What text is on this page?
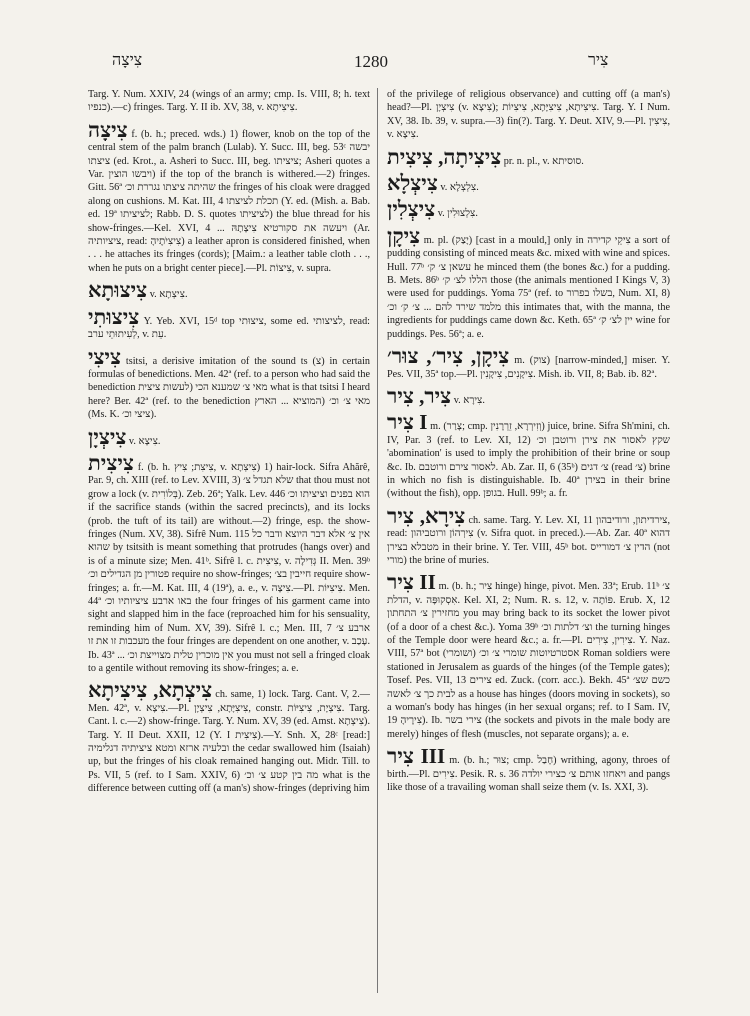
צִיצָה	1280	צִיר
Targ. Y. Num. XXIV, 24 (wings of an army; cmp. Is. VIII, 8; h. text כנפיו).—c) fringes. Targ. Y. II ib. XV, 38, v. צִיצִיתָא.
צִיצָה f. (b. h.; preced. wds.) 1) flower, knob on the top of the central stem of the palm branch (Lulab). Y. Succ. III, beg. 53ᶜ יבשה ציצתו (ed. Krot., a. Asheri to Succ. III, beg. ציציתו; Asheri quotes a Var. ויבשו הוצין) if the top of the branch is withered.—2) fringes. Gitt. 56ª שהיתה ציצתו נגררת וכ׳ the fringes of his cloak were dragged along on cushions. M. Kat. III, 4 תכלת לציצתו (Y. ed. (Mish. a. Bab. ed. 19ª לציציתו; Rabb. D. S. quotes לציציתו) the blue thread for his show-fringes.—Kel. XVI, 4 ... ויעשה את סקורטיא צִיצָתָהּ (Ar. ציציותיה, read: צִיצִיֹתֶיהָ) a leather apron is considered finished, when . . . he attaches its fringes (cords); [Maim.: a leather table cloth . . ., when he puts on a bright center piece].—Pl. צִיצוֹת, v. supra.
צִיצוּתָא v. צִיצְתָא.
צִיצוּתִי Y. Yeb. XVI, 15ᵈ top ציצוּתי, some ed. לציצותי, read: לְעִיתוּתֵי ערב, v. עֵת.
צִיצִי tsitsi, a derisive imitation of the sound ts (צ) in certain formulas of benedictions. Men. 42ª (ref. to a person who had said the benediction לעשות ציצית) מאי צ׳ שמענא הכי what is that tsitsi I heard here? Ber. 42ª (ref. to the benediction המוציא ... הארץ) מאי צ׳ וכ׳ (Ms. K. ציצי וכ׳).
צִיצְיָן v. צִיצָא.
צִיצִית f. (b. h. צִיצִת; צִיץ, v. צִיצְתָא) 1) hair-lock. Sifra Ahărê, Par. 9, ch. XIII (ref. to Lev. XVIII, 3) שלא תגדל צ׳ that thou must not grow a lock (v. בְּלוֹרִית). Zeb. 26ª; Yalk. Lev. 446 הוא בפנים וציציתו וכ׳ if the sacrifice stands (within the sacred precincts), and its locks (prob. the tuft of its tail) are without.—2) fringe, esp. the show-fringes (Num. XV, 38). Sifrê Num. 115 אין צ׳ אלא דבר היוצא ודבר כל שהוא by tsitsith is meant something that protrudes (hangs over) and is of a minute size; Men. 41ᵇ. Sifrê l. c. צִיצִית, v. גְּדִילָה II. Men. 39ᵇ פטורין מן הגדילים וכ׳ require no show-fringes; חייבין בצ׳ require show-fringes; a. fr.—M. Kat. III, 4 (19ª), a. e., v. צִיצָה.—Pl. צִיצִיּוֹת. Men. 44ª באו ארבע ציציותיו וכ׳ the four fringes of his garment came into sight and slapped him in the face (reproached him for his sensuality, reminding him of Num. XV, 39). Sifrê l. c.; Men. III, 7 ארבע צ׳ מעכבות זו את זו the four fringes are dependent on one another, v. עָכַב. Ib. 43ª ... אין מוכרין טלית מצוייצת וכ׳ you must not sell a fringed cloak to a gentile without removing its show-fringes; a. e.
צִיצְתָא, צִיצִיתָא ch. same, 1) lock. Targ. Cant. V, 2.—Men. 42ª, v. צִיצָא.—Pl. צִיצִיָּתָא, צִיצְיָן, constr. צִיצְיָת, צִיצִיּוֹת. Targ. Cant. l. c.—2) show-fringe. Targ. Y. Num. XV, 39 (ed. Amst. צִיצְתָא). Targ. Y. II Deut. XXII, 12 (Y. I צִיצִית).—Y. Snh. X, 28ᶜ [read:] ובלעיה ארזא ומטא ציציתיה דגלימיה the cedar swallowed him (Isaiah) up, but the fringes of his cloak remained hanging out. Midr. Till. to Ps. VII, 5 (ref. to I Sam. XXIV, 6) מה בין קטע צ׳ וכ׳ what is the difference between cutting off (a man's) show-fringes (depriving him
of the privilege of religious observance) and cutting off (a man's) head?—Pl. צִיצְיָן (v. צִיצָא); צִיצִיתָא, צִיצִיָּתָא, צִיצִיוֹת. Targ. Y. I Num. XV, 38. Ib. 39, v. supra.—3) fin(?). Targ. Y. Deut. XIV, 9.—Pl. צִיצִין, v. צִיצָא.
צִיצִיתָה, צִיצִית pr. n. pl., v. סוסיתא.
צִיצְלָא v. צִלְצְלָא.
צִיצְלִין v. צִלְצוּלִין.
צִיקָן m. pl. (יָצַק) [cast in a mould,] only in צִיקֵי קדירה a sort of pudding consisting of minced meats &c. mixed with wine and spices. Hull. 77ᵇ עשאן צ׳ ק׳ he minced them (the bones &c.) for a pudding. B. Mets. 86ᵇ הללו לצ׳ ק׳ those (the animals mentioned I Kings V, 3) were used for puddings. Yoma 75ª (ref. to בשלו בפרור, Num. XI, 8) מלמד שירד להם ... צ׳ ק׳ וכ׳ this intimates that, with the manna, the ingredients for puddings came down &c. Keth. 65ª יין לצ׳ ק׳ wine for puddings. Pes. 56ª; a. e.
צִיקָן, צִיר׳, צוּר׳ m. (צוק) [narrow-minded,] miser. Y. Pes. VII, 35ª top.—Pl. צִיקָנִים, צִיקָנִין. Mish. ib. VII, 8; Bab. ib. 82ª.
צִיר, צִיר v. צִירָא.
צִיר I m. (צָרַר; cmp. וְזִירְרָא, זֵרְרָנִין) juice, brine. Sifra Sh'mini, ch. IV, Par. 3 (ref. to Lev. XI, 12) שקץ לאסור את צירן ורוטבן וכ׳ 'abomination' is used to imply the prohibition of their brine or soup &c. Ib. לאסור צירם ורוטבם. Ab. Zar. II, 6 (35ᵇ) צ׳ דגים (read צ׳) brine in which no fish is distinguishable. Ib. 40ª בצירן in their brine (without the fish), opp. בגופן. Hull. 99ᵇ; a. fr.
צִירָא, צִיר ch. same. Targ. Y. Lev. XI, 11 צירדיתון, ורודיבהון, read: צִירְהוֹן ורוטביהון (v. Sifra quot. in preced.).—Ab. Zar. 40ª דהוא מטבלא בצירן in their brine. Y. Ter. VIII, 45ᵇ bot. הדין צ׳ דמורייס (not מורי) the brine of muries.
צִיר II m. (b. h.; צִיר hinge) hinge, pivot. Men. 33ª; Erub. 11ᵇ צ׳ הדלת, v. אִסְקוּפָּה. Kel. XI, 2; Num. R. s. 12, v. פּוֹתָה. Erub. X, 12 מחזירין צ׳ התחתון you may bring back to its socket the lower pivot (of a door of a chest &c.). Yoma 39ᵇ וצ׳ דלתות וכ׳ the turning hinges of the Temple door were heard &c.; a. fr.—Pl. צִירִין, צִירִים. Y. Naz. VIII, 57ª bot אסטרטיוטות שומרי צ׳ וכ׳ (ושומרי) Roman soldiers were stationed in Jerusalem as guards of the hinges (of the Temple gates); Tosef. Pes. VII, 13 צירים ed. Zuck. (corr. acc.). Bekh. 45ª כשם שצ׳ לבית כך צ׳ לאשה as a house has hinges (doors moving in sockets), so a woman's body has hinges (in her sexual organs; ref. to I Sam. IV, 19 צִירֶיהָ). Ib. צירי בשר (the sockets and pivots in the male body are merely) hinges of flesh (muscles, not separate organs); a. e.
צִיר III m. (b. h.; צוּר; cmp. חָבַל) writhing, agony, throes of birth.—Pl. צִירִים. Pesik. R. s. 36 ויאחזו אותם צ׳ כצירי יולדה and pangs like those of a travailing woman shall seize them (v. Is. XXI, 3).
